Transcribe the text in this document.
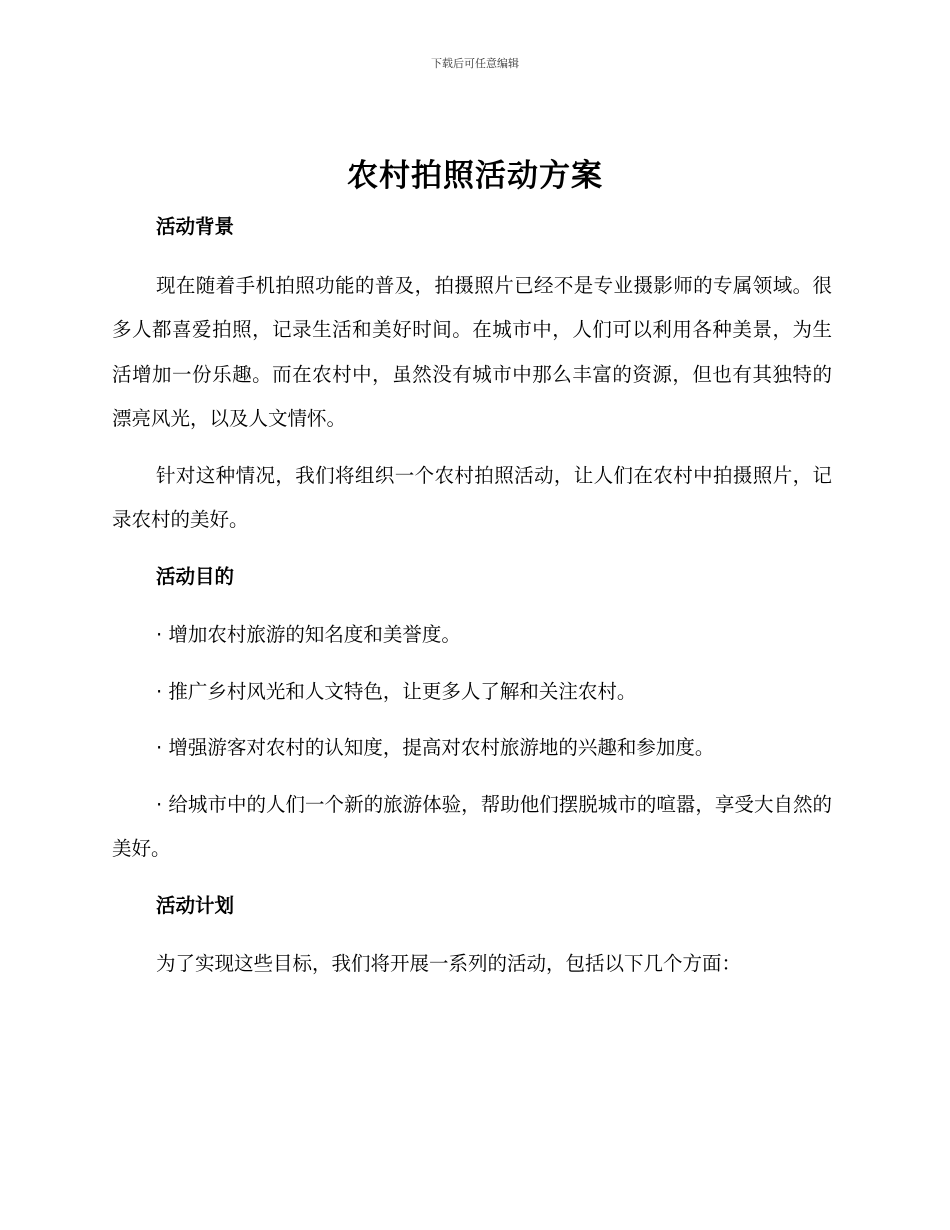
下载后可任意编辑
农村拍照活动方案
活动背景
现在随着手机拍照功能的普及，拍摄照片已经不是专业摄影师的专属领域。很多人都喜爱拍照，记录生活和美好时间。在城市中，人们可以利用各种美景，为生活增加一份乐趣。而在农村中，虽然没有城市中那么丰富的资源，但也有其独特的漂亮风光，以及人文情怀。
针对这种情况，我们将组织一个农村拍照活动，让人们在农村中拍摄照片，记录农村的美好。
活动目的
· 增加农村旅游的知名度和美誉度。
· 推广乡村风光和人文特色，让更多人了解和关注农村。
· 增强游客对农村的认知度，提高对农村旅游地的兴趣和参加度。
· 给城市中的人们一个新的旅游体验，帮助他们摆脱城市的喧嚣，享受大自然的美好。
活动计划
为了实现这些目标，我们将开展一系列的活动，包括以下几个方面：
